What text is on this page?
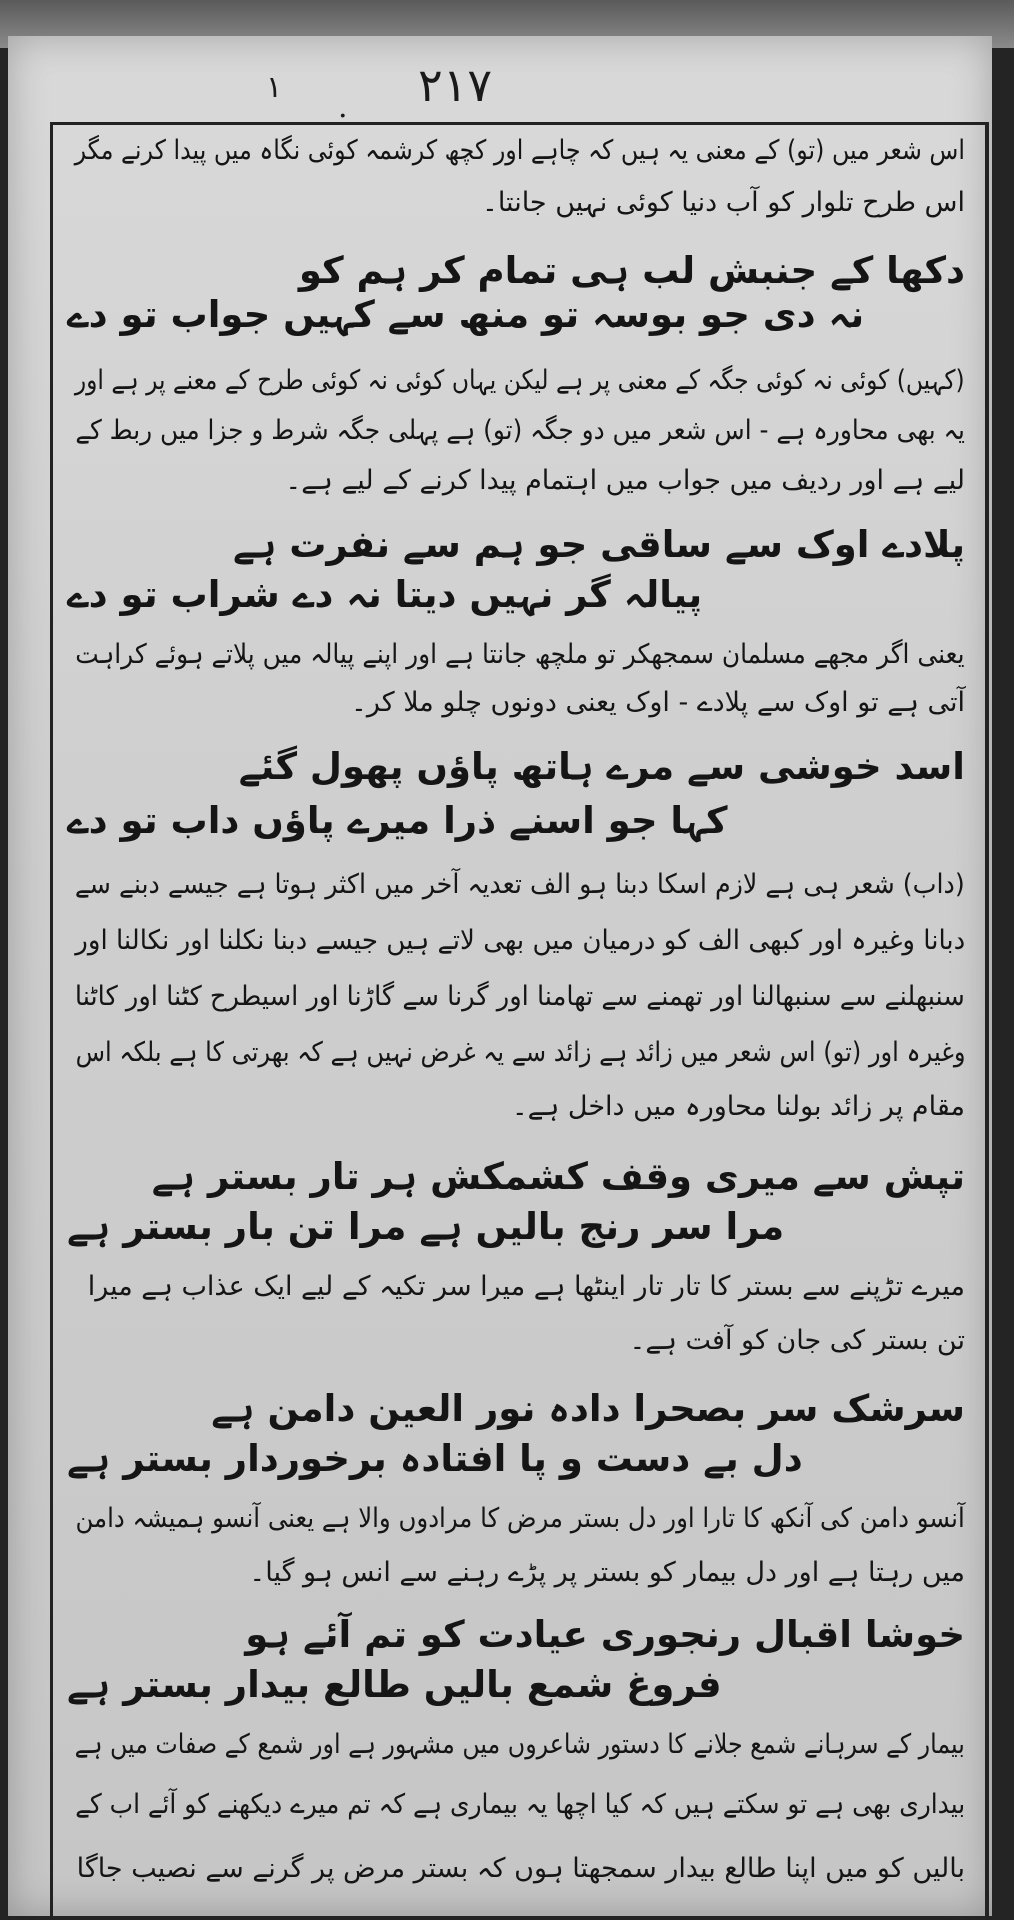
۲۱۷
۱
.
اس شعر میں (تو) کے معنی یہ ہیں کہ چاہے اور کچھ کرشمہ کوئی نگاہ میں پیدا کرنے مگر
اس طرح تلوار کو آب دنیا کوئی نہیں جانتا۔
دکھا کے جنبش لب ہی تمام کر ہم کو
نہ دی جو بوسہ تو منھ سے کہیں جواب تو دے
(کہیں) کوئی نہ کوئی جگہ کے معنی پر ہے لیکن یہاں کوئی نہ کوئی طرح کے معنے پر ہے اور
یہ بھی محاورہ ہے - اس شعر میں دو جگہ (تو) ہے پہلی جگہ شرط و جزا میں ربط کے
لیے ہے اور ردیف میں جواب میں اہتمام پیدا کرنے کے لیے ہے۔
پلادے اوک سے ساقی جو ہم سے نفرت ہے
پیالہ گر نہیں دیتا نہ دے شراب تو دے
یعنی اگر مجھے مسلمان سمجھکر تو ملچھ جانتا ہے اور اپنے پیالہ میں پلاتے ہوئے کراہت
آتی ہے تو اوک سے پلادے - اوک یعنی دونوں چلو ملا کر۔
اسد خوشی سے مرے ہاتھ پاؤں پھول گئے
کہا جو اسنے ذرا میرے پاؤں داب تو دے
(داب) شعر ہی ہے لازم اسکا دبنا ہو الف تعدیہ آخر میں اکثر ہوتا ہے جیسے دبنے سے
دبانا وغیرہ اور کبھی الف کو درمیان میں بھی لاتے ہیں جیسے دبنا نکلنا اور نکالنا اور
سنبھلنے سے سنبھالنا اور تھمنے سے تھامنا اور گرنا سے گاڑنا اور اسیطرح کٹنا اور کاٹنا
وغیرہ اور (تو) اس شعر میں زائد ہے زائد سے یہ غرض نہیں ہے کہ بھرتی کا ہے بلکہ اس
مقام پر زائد بولنا محاورہ میں داخل ہے۔
تپش سے میری وقف کشمکش ہر تار بستر ہے
مرا سر رنج بالیں ہے مرا تن بار بستر ہے
میرے تڑپنے سے بستر کا تار تار اینٹھا ہے میرا سر تکیہ کے لیے ایک عذاب ہے میرا
تن بستر کی جان کو آفت ہے۔
سرشک سر بصحرا دادہ نور العین دامن ہے
دل بے دست و پا افتادہ برخوردار بستر ہے
آنسو دامن کی آنکھ کا تارا اور دل بستر مرض کا مرادوں والا ہے یعنی آنسو ہمیشہ دامن
میں رہتا ہے اور دل بیمار کو بستر پر پڑے رہنے سے انس ہو گیا۔
خوشا اقبال رنجوری عیادت کو تم آئے ہو
فروغ شمع بالیں طالع بیدار بستر ہے
بیمار کے سرہانے شمع جلانے کا دستور شاعروں میں مشہور ہے اور شمع کے صفات میں ہے
بیداری بھی ہے تو سکتے ہیں کہ کیا اچھا یہ بیماری ہے کہ تم میرے دیکھنے کو آئے اب کے
بالیں کو میں اپنا طالع بیدار سمجھتا ہوں کہ بستر مرض پر گرنے سے نصیب جاگا
